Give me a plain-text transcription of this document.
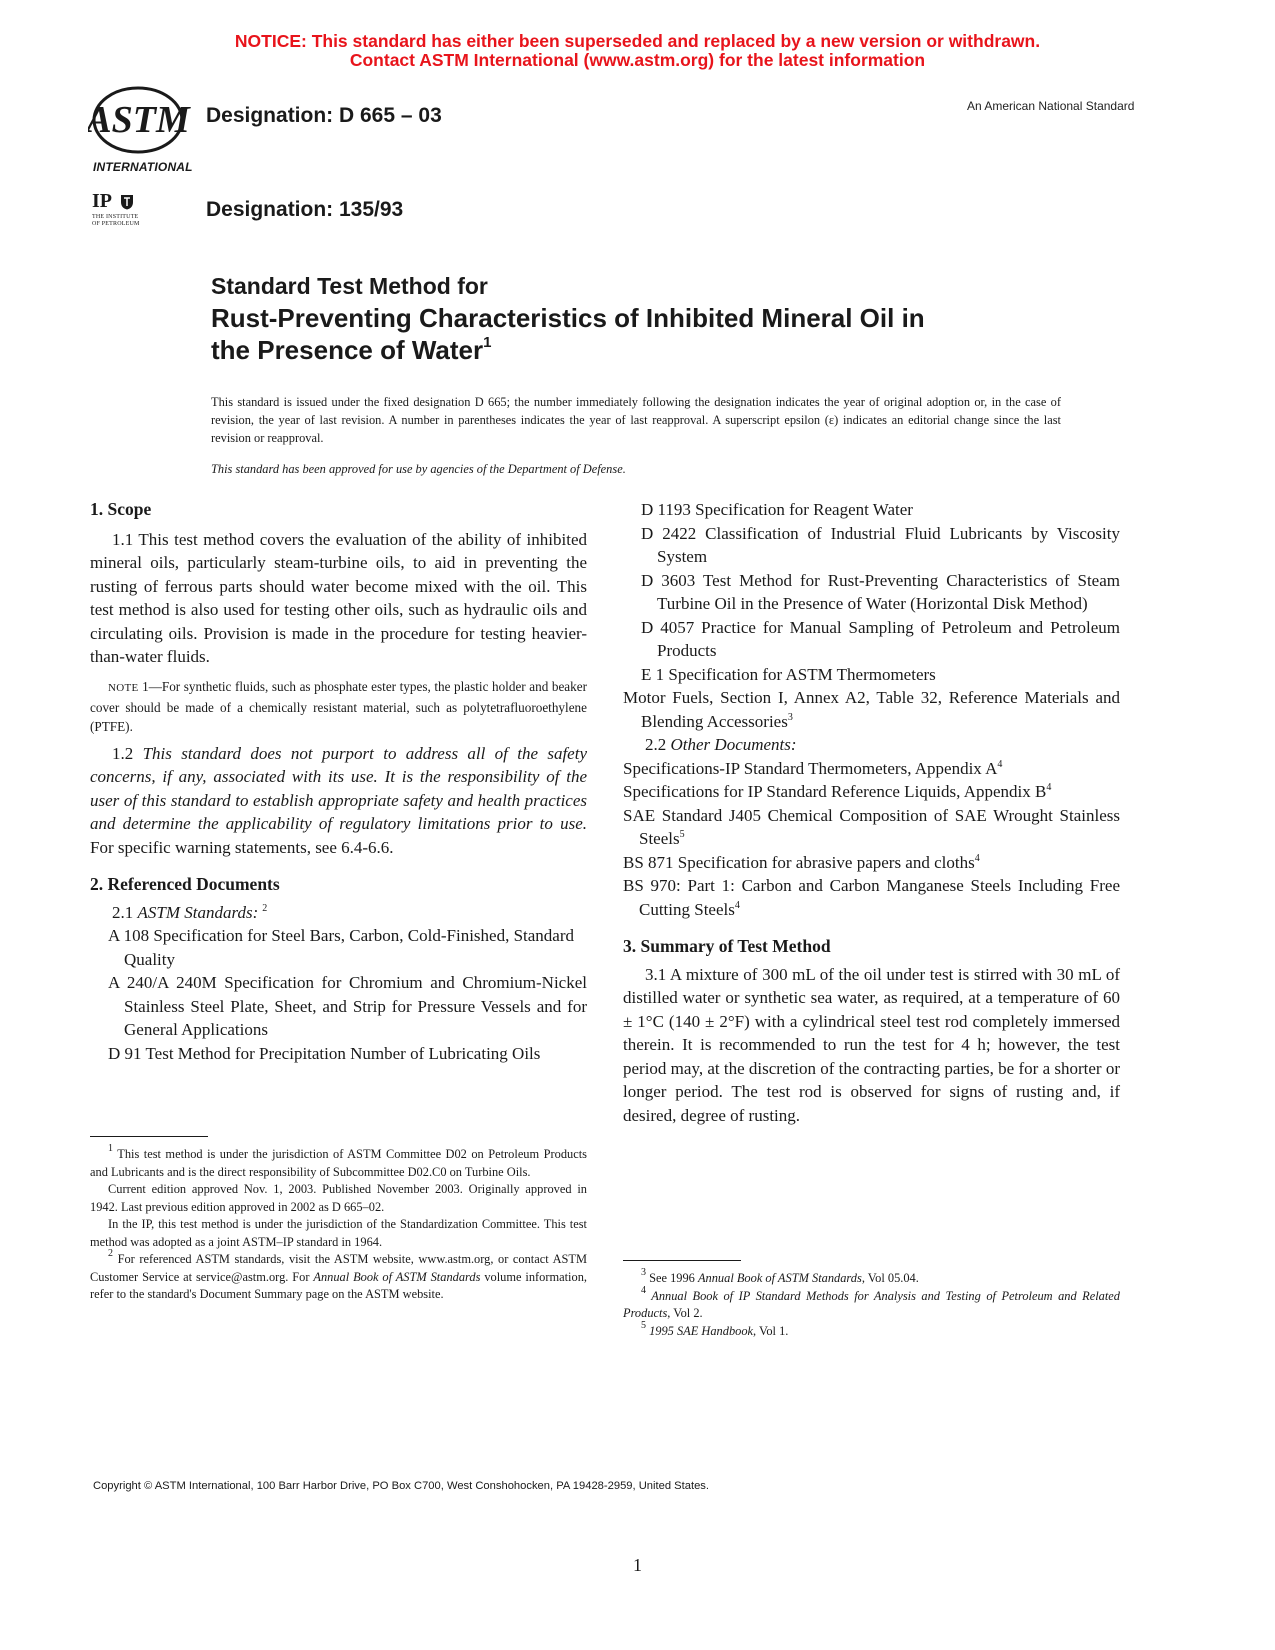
NOTICE: This standard has either been superseded and replaced by a new version or withdrawn.
Contact ASTM International (www.astm.org) for the latest information
ASTM
INTERNATIONAL
Designation: D 665 – 03	An American National Standard
IP
THE INSTITUTE
OF PETROLEUM
Designation: 135/93
Standard Test Method for
Rust-Preventing Characteristics of Inhibited Mineral Oil in
the Presence of Water$^1$
This standard is issued under the fixed designation D 665; the number immediately following the designation indicates the year of original adoption or, in the case of revision, the year of last revision. A number in parentheses indicates the year of last reapproval. A superscript epsilon (ε) indicates an editorial change since the last revision or reapproval.
This standard has been approved for use by agencies of the Department of Defense.
1. Scope

1.1 This test method covers the evaluation of the ability of inhibited mineral oils, particularly steam-turbine oils, to aid in preventing the rusting of ferrous parts should water become mixed with the oil. This test method is also used for testing other oils, such as hydraulic oils and circulating oils. Provision is made in the procedure for testing heavier-than-water fluids.

NOTE 1—For synthetic fluids, such as phosphate ester types, the plastic holder and beaker cover should be made of a chemically resistant material, such as polytetrafluoroethylene (PTFE).

1.2 This standard does not purport to address all of the safety concerns, if any, associated with its use. It is the responsibility of the user of this standard to establish appropriate safety and health practices and determine the applicability of regulatory limitations prior to use. For specific warning statements, see 6.4-6.6.

2. Referenced Documents

2.1 ASTM Standards: $^2$

A 108 Specification for Steel Bars, Carbon, Cold-Finished, Standard Quality

A 240/A 240M Specification for Chromium and Chromium-Nickel Stainless Steel Plate, Sheet, and Strip for Pressure Vessels and for General Applications

D 91 Test Method for Precipitation Number of Lubricating Oils

$^1$ This test method is under the jurisdiction of ASTM Committee D02 on Petroleum Products and Lubricants and is the direct responsibility of Subcommittee D02.C0 on Turbine Oils.

Current edition approved Nov. 1, 2003. Published November 2003. Originally approved in 1942. Last previous edition approved in 2002 as D 665–02.

In the IP, this test method is under the jurisdiction of the Standardization Committee. This test method was adopted as a joint ASTM–IP standard in 1964.

$^2$ For referenced ASTM standards, visit the ASTM website, www.astm.org, or contact ASTM Customer Service at service@astm.org. For Annual Book of ASTM Standards volume information, refer to the standard's Document Summary page on the ASTM website.

D 1193 Specification for Reagent Water

D 2422 Classification of Industrial Fluid Lubricants by Viscosity System

D 3603 Test Method for Rust-Preventing Characteristics of Steam Turbine Oil in the Presence of Water (Horizontal Disk Method)

D 4057 Practice for Manual Sampling of Petroleum and Petroleum Products

E 1 Specification for ASTM Thermometers

Motor Fuels, Section I, Annex A2, Table 32, Reference Materials and Blending Accessories$^3$

2.2 Other Documents:

Specifications-IP Standard Thermometers, Appendix $A^4$

Specifications for IP Standard Reference Liquids, Appendix $B^4$

SAE Standard J405 Chemical Composition of SAE Wrought Stainless Steels$^5$

BS 871 Specification for abrasive papers and cloths$^4$

BS 970: Part 1: Carbon and Carbon Manganese Steels Including Free Cutting Steels$^4$

3. Summary of Test Method

3.1 A mixture of 300 mL of the oil under test is stirred with 30 mL of distilled water or synthetic sea water, as required, at a temperature of 60 ± 1°C (140 ± 2°F) with a cylindrical steel test rod completely immersed therein. It is recommended to run the test for 4 h; however, the test period may, at the discretion of the contracting parties, be for a shorter or longer period. The test rod is observed for signs of rusting and, if desired, degree of rusting.

$^3$ See 1996 Annual Book of ASTM Standards, Vol 05.04.

$^4$ Annual Book of IP Standard Methods for Analysis and Testing of Petroleum and Related Products, Vol 2.

$^5$ 1995 SAE Handbook, Vol 1.

Copyright © ASTM International, 100 Barr Harbor Drive, PO Box C700, West Conshohocken, PA 19428-2959, United States.
1
